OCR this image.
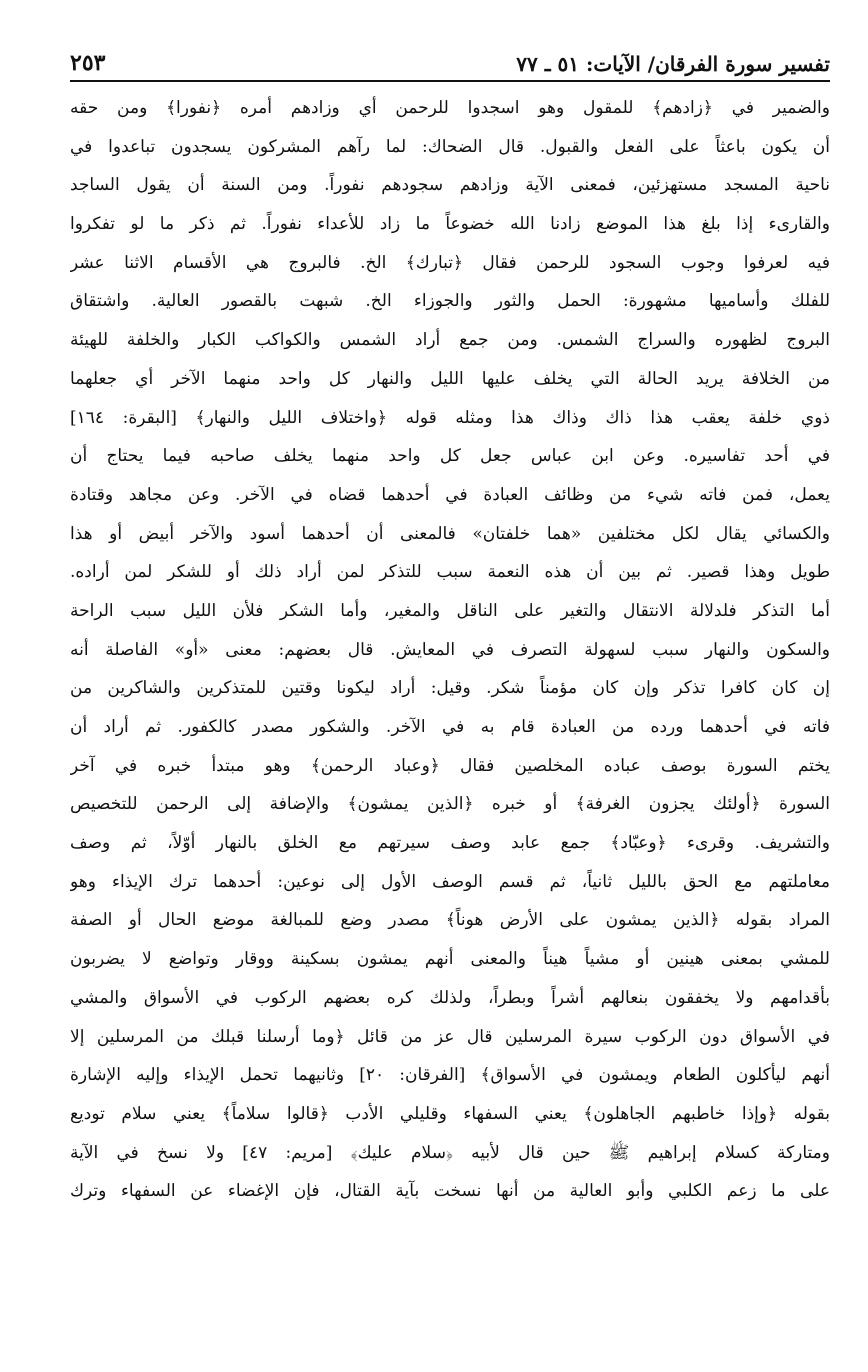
تفسير سورة الفرقان/ الآيات: ٥١ ـ ٧٧
٢٥٣
والضمير في ﴿زادهم﴾ للمقول وهو اسجدوا للرحمن أي وزادهم أمره ﴿نفورا﴾ ومن حقه
أن يكون باعثاً على الفعل والقبول. قال الضحاك: لما رآهم المشركون يسجدون تباعدوا في
ناحية المسجد مستهزئين، فمعنى الآية وزادهم سجودهم نفوراً. ومن السنة أن يقول الساجد
والقارىء إذا بلغ هذا الموضع زادنا الله خضوعاً ما زاد للأعداء نفوراً. ثم ذكر ما لو تفكروا
فيه لعرفوا وجوب السجود للرحمن فقال ﴿تبارك﴾ الخ. فالبروج هي الأقسام الاثنا عشر
للفلك وأساميها مشهورة: الحمل والثور والجوزاء الخ. شبهت بالقصور العالية. واشتقاق
البروج لظهوره والسراج الشمس. ومن جمع أراد الشمس والكواكب الكبار والخلفة للهيئة
من الخلافة يريد الحالة التي يخلف عليها الليل والنهار كل واحد منهما الآخر أي جعلهما
ذوي خلفة يعقب هذا ذاك وذاك هذا ومثله قوله ﴿واختلاف الليل والنهار﴾ [البقرة: ١٦٤]
في أحد تفاسيره. وعن ابن عباس جعل كل واحد منهما يخلف صاحبه فيما يحتاج أن
يعمل، فمن فاته شيء من وظائف العبادة في أحدهما قضاه في الآخر. وعن مجاهد وقتادة
والكسائي يقال لكل مختلفين «هما خلفتان» فالمعنى أن أحدهما أسود والآخر أبيض أو هذا
طويل وهذا قصير. ثم بين أن هذه النعمة سبب للتذكر لمن أراد ذلك أو للشكر لمن أراده.
أما التذكر فلدلالة الانتقال والتغير على الناقل والمغير، وأما الشكر فلأن الليل سبب الراحة
والسكون والنهار سبب لسهولة التصرف في المعايش. قال بعضهم: معنى «أو» الفاصلة أنه
إن كان كافرا تذكر وإن كان مؤمناً شكر. وقيل: أراد ليكونا وقتين للمتذكرين والشاكرين من
فاته في أحدهما ورده من العبادة قام به في الآخر. والشكور مصدر كالكفور. ثم أراد أن
يختم السورة بوصف عباده المخلصين فقال ﴿وعباد الرحمن﴾ وهو مبتدأ خبره في آخر
السورة ﴿أولئك يجزون الغرفة﴾ أو خبره ﴿الذين يمشون﴾ والإضافة إلى الرحمن للتخصيص
والتشريف. وقرىء ﴿وعبّاد﴾ جمع عابد وصف سيرتهم مع الخلق بالنهار أوّلاً، ثم وصف
معاملتهم مع الحق بالليل ثانياً، ثم قسم الوصف الأول إلى نوعين: أحدهما ترك الإيذاء وهو
المراد بقوله ﴿الذين يمشون على الأرض هوناً﴾ مصدر وضع للمبالغة موضع الحال أو الصفة
للمشي بمعنى هينين أو مشياً هيناً والمعنى أنهم يمشون بسكينة ووقار وتواضع لا يضربون
بأقدامهم ولا يخفقون بنعالهم أشراً وبطراً، ولذلك كره بعضهم الركوب في الأسواق والمشي
في الأسواق دون الركوب سيرة المرسلين قال عز من قائل ﴿وما أرسلنا قبلك من المرسلين إلا
أنهم ليأكلون الطعام ويمشون في الأسواق﴾ [الفرقان: ٢٠] وثانيهما تحمل الإيذاء وإليه الإشارة
بقوله ﴿وإذا خاطبهم الجاهلون﴾ يعني السفهاء وقليلي الأدب ﴿قالوا سلاماً﴾ يعني سلام توديع
ومتاركة كسلام إبراهيم ﷺ حين قال لأبيه ﴿سلام عليك﴾ [مريم: ٤٧] ولا نسخ في الآية
على ما زعم الكلبي وأبو العالية من أنها نسخت بآية القتال، فإن الإغضاء عن السفهاء وترك
